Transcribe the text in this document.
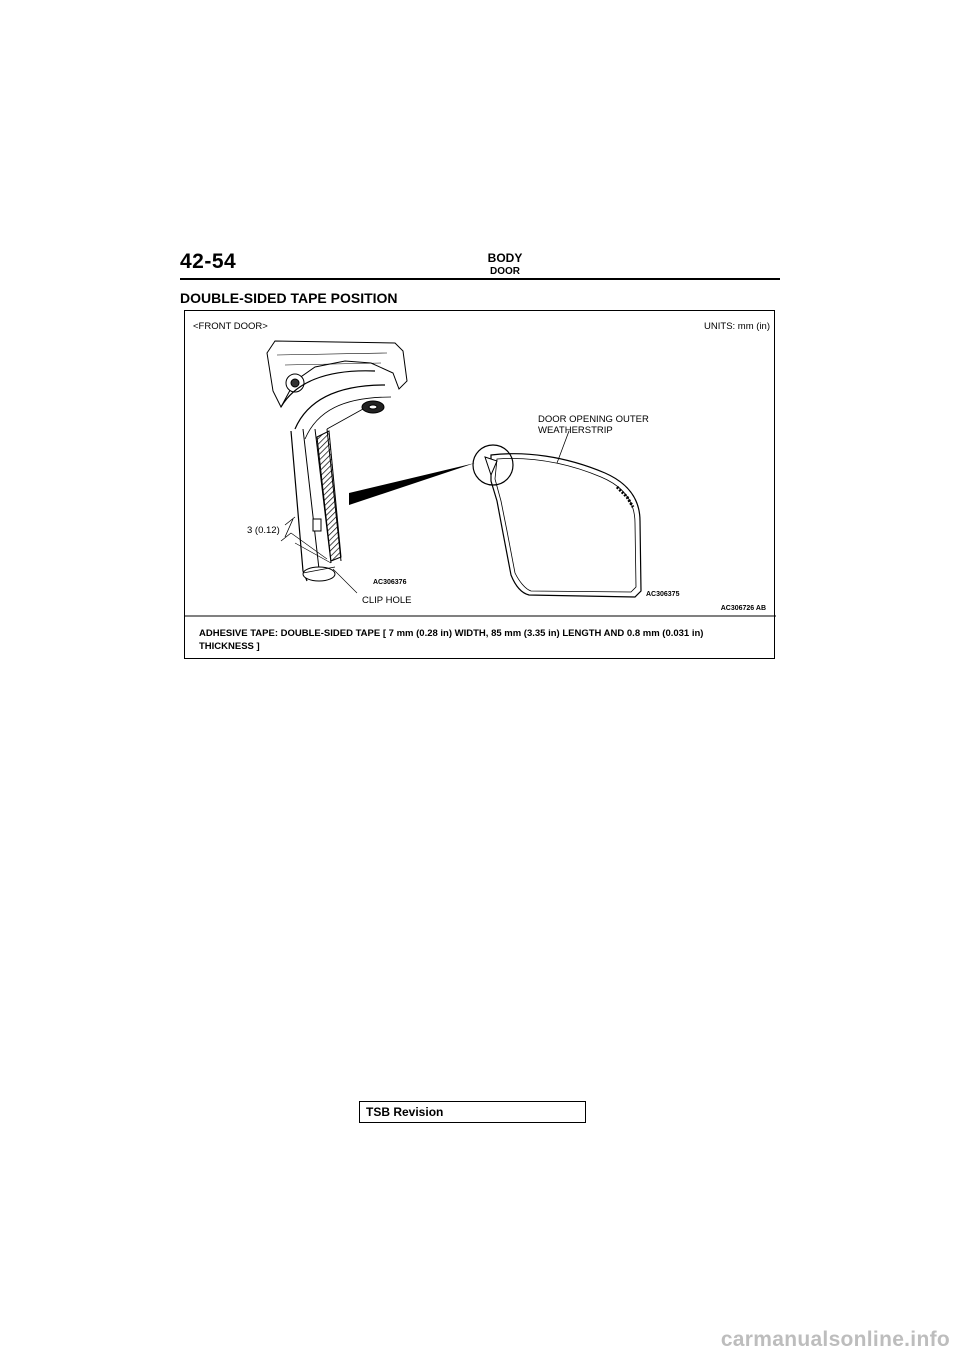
42-54	BODY
DOOR
DOUBLE-SIDED TAPE POSITION
<FRONT DOOR>	UNITS: mm (in)
DOOR OPENING OUTER
WEATHERSTRIP
3 (0.12)
CLIP HOLE
AC306376
AC306375
AC306726 AB
ADHESIVE TAPE: DOUBLE-SIDED TAPE [ 7 mm (0.28 in) WIDTH, 85 mm (3.35 in) LENGTH AND 0.8 mm (0.031 in) THICKNESS ]
TSB Revision
carmanualsonline.info
